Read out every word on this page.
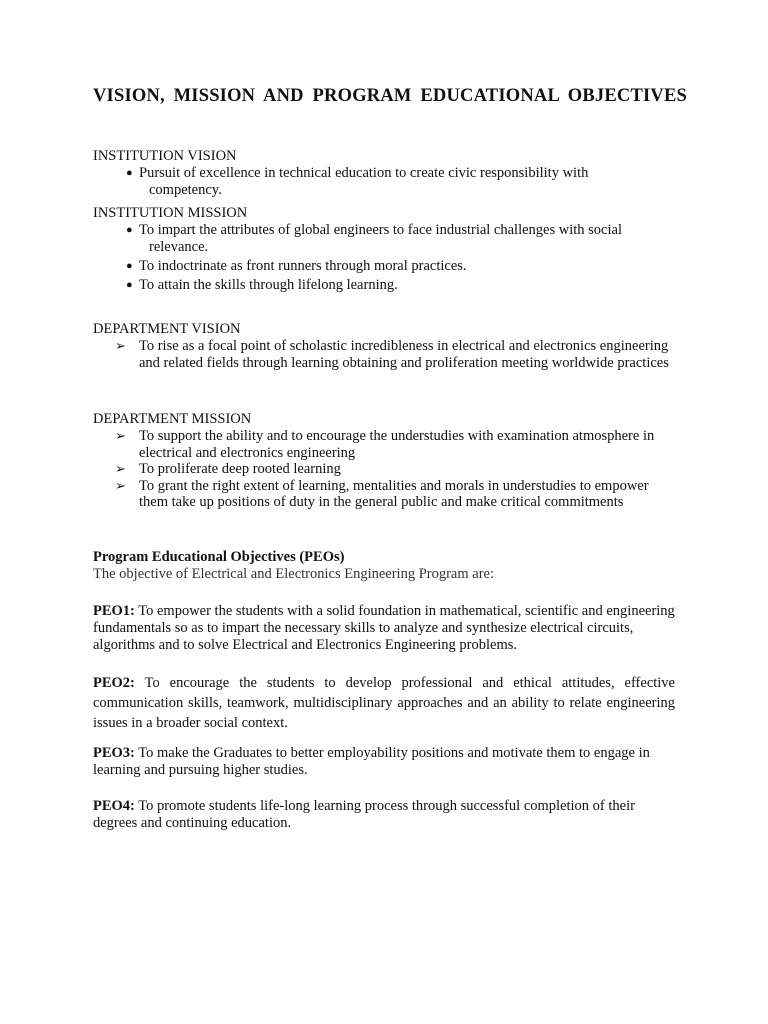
VISION, MISSION AND PROGRAM EDUCATIONAL OBJECTIVES
INSTITUTION VISION
● Pursuit of excellence in technical education to create civic responsibility with
competency.
INSTITUTION MISSION
● To impart the attributes of global engineers to face industrial challenges with social
relevance.
● To indoctrinate as front runners through moral practices.
● To attain the skills through lifelong learning.
DEPARTMENT VISION
➢ To rise as a focal point of scholastic incredibleness in electrical and electronics engineering and related fields through learning obtaining and proliferation meeting worldwide practices
DEPARTMENT MISSION
➢ To support the ability and to encourage the understudies with examination atmosphere in electrical and electronics engineering
➢ To proliferate deep rooted learning
➢ To grant the right extent of learning, mentalities and morals in understudies to empower them take up positions of duty in the general public and make critical commitments
Program Educational Objectives (PEOs)
The objective of Electrical and Electronics Engineering Program are:
PEO1: To empower the students with a solid foundation in mathematical, scientific and engineering fundamentals so as to impart the necessary skills to analyze and synthesize electrical circuits, algorithms and to solve Electrical and Electronics Engineering problems.
PEO2: To encourage the students to develop professional and ethical attitudes, effective communication skills, teamwork, multidisciplinary approaches and an ability to relate engineering issues in a broader social context.
PEO3: To make the Graduates to better employability positions and motivate them to engage in learning and pursuing higher studies.
PEO4: To promote students life-long learning process through successful completion of their degrees and continuing education.
